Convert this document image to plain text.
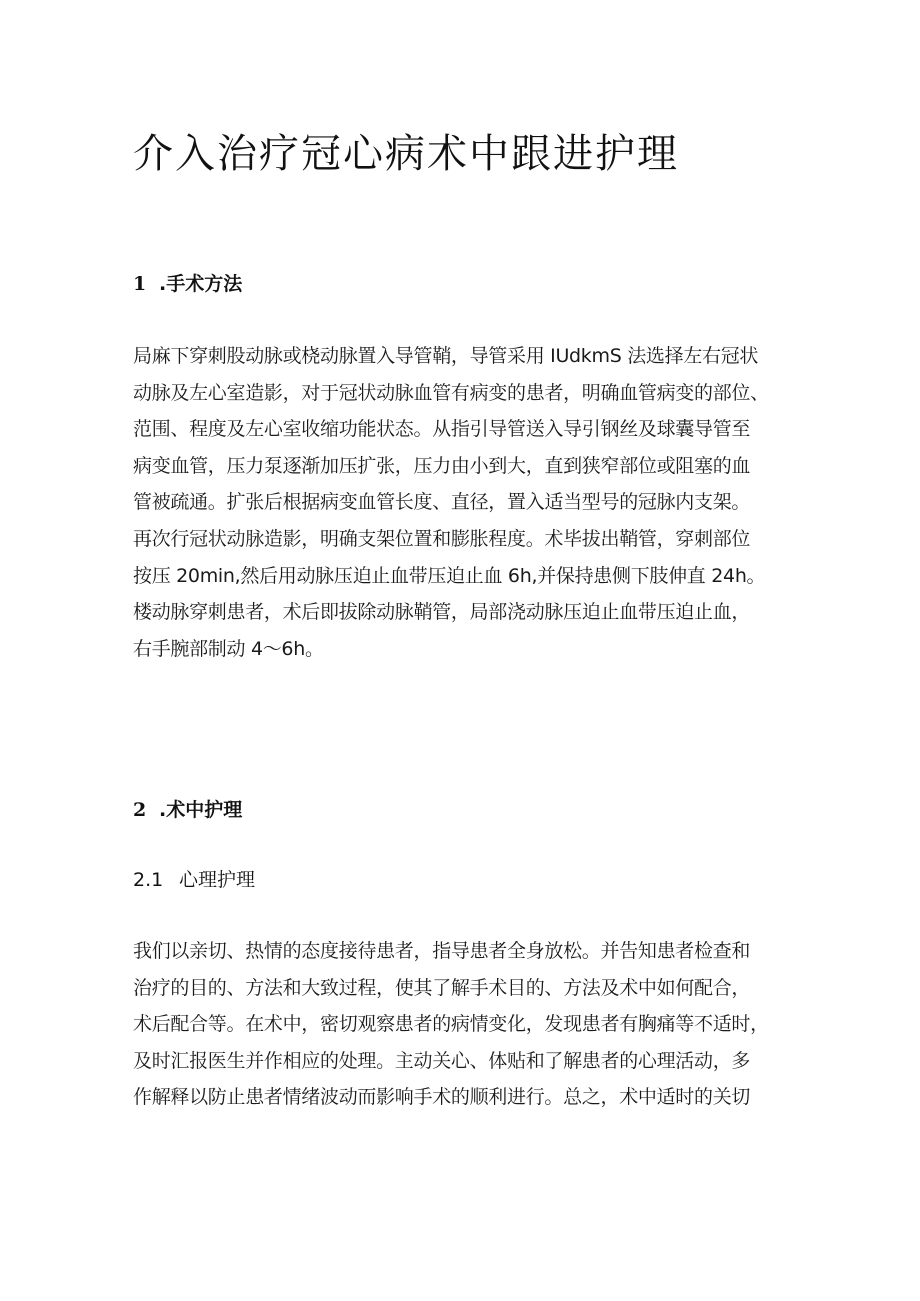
介入治疗冠心病术中跟进护理
1 .手术方法
局麻下穿刺股动脉或桡动脉置入导管鞘，导管采用 IUdkmS 法选择左右冠状
动脉及左心室造影，对于冠状动脉血管有病变的患者，明确血管病变的部位、
范围、程度及左心室收缩功能状态。从指引导管送入导引钢丝及球囊导管至
病变血管，压力泵逐渐加压扩张，压力由小到大，直到狭窄部位或阻塞的血
管被疏通。扩张后根据病变血管长度、直径，置入适当型号的冠脉内支架。
再次行冠状动脉造影，明确支架位置和膨胀程度。术毕拔出鞘管，穿刺部位
按压 20min,然后用动脉压迫止血带压迫止血 6h,并保持患侧下肢伸直 24h。
楼动脉穿刺患者，术后即拔除动脉鞘管，局部浇动脉压迫止血带压迫止血，
右手腕部制动 4〜6h。
2 .术中护理
2.1 心理护理
我们以亲切、热情的态度接待患者，指导患者全身放松。并告知患者检查和
治疗的目的、方法和大致过程，使其了解手术目的、方法及术中如何配合，
术后配合等。在术中，密切观察患者的病情变化，发现患者有胸痛等不适时，
及时汇报医生并作相应的处理。主动关心、体贴和了解患者的心理活动，多
作解释以防止患者情绪波动而影响手术的顺利进行。总之，术中适时的关切
